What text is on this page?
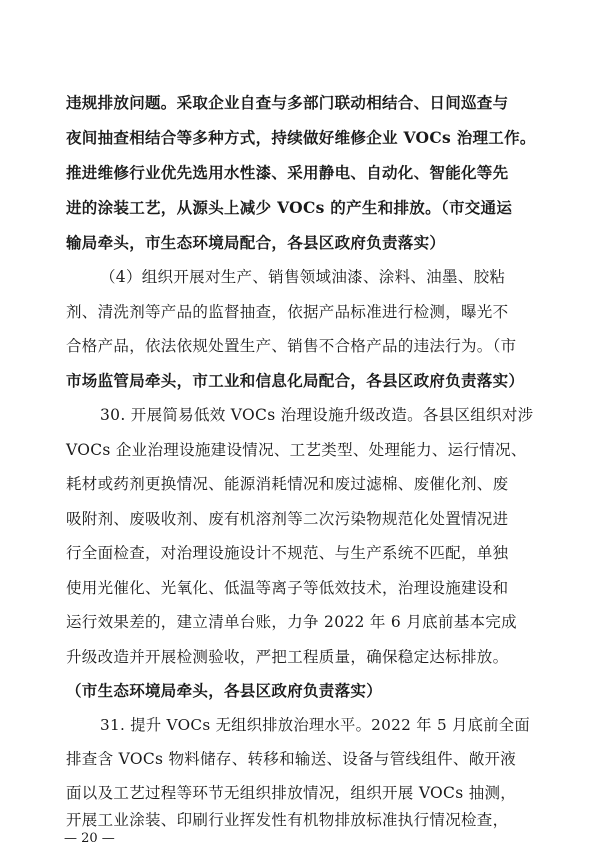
违规排放问题。采取企业自查与多部门联动相结合、日间巡查与
夜间抽查相结合等多种方式，持续做好维修企业 VOCs 治理工作。
推进维修行业优先选用水性漆、采用静电、自动化、智能化等先
进的涂装工艺，从源头上减少 VOCs 的产生和排放。（市交通运
输局牵头，市生态环境局配合，各县区政府负责落实）
（4）组织开展对生产、销售领域油漆、涂料、油墨、胶粘
剂、清洗剂等产品的监督抽查，依据产品标准进行检测，曝光不
合格产品，依法依规处置生产、销售不合格产品的违法行为。（市
市场监管局牵头，市工业和信息化局配合，各县区政府负责落实）
30. 开展简易低效 VOCs 治理设施升级改造。各县区组织对涉
VOCs 企业治理设施建设情况、工艺类型、处理能力、运行情况、
耗材或药剂更换情况、能源消耗情况和废过滤棉、废催化剂、废
吸附剂、废吸收剂、废有机溶剂等二次污染物规范化处置情况进
行全面检查，对治理设施设计不规范、与生产系统不匹配，单独
使用光催化、光氧化、低温等离子等低效技术，治理设施建设和
运行效果差的，建立清单台账，力争 2022 年 6 月底前基本完成
升级改造并开展检测验收，严把工程质量，确保稳定达标排放。
（市生态环境局牵头，各县区政府负责落实）
31. 提升 VOCs 无组织排放治理水平。2022 年 5 月底前全面
排查含 VOCs 物料储存、转移和输送、设备与管线组件、敞开液
面以及工艺过程等环节无组织排放情况，组织开展 VOCs 抽测，
— 20 —
开展工业涂装、印刷行业挥发性有机物排放标准执行情况检查，
